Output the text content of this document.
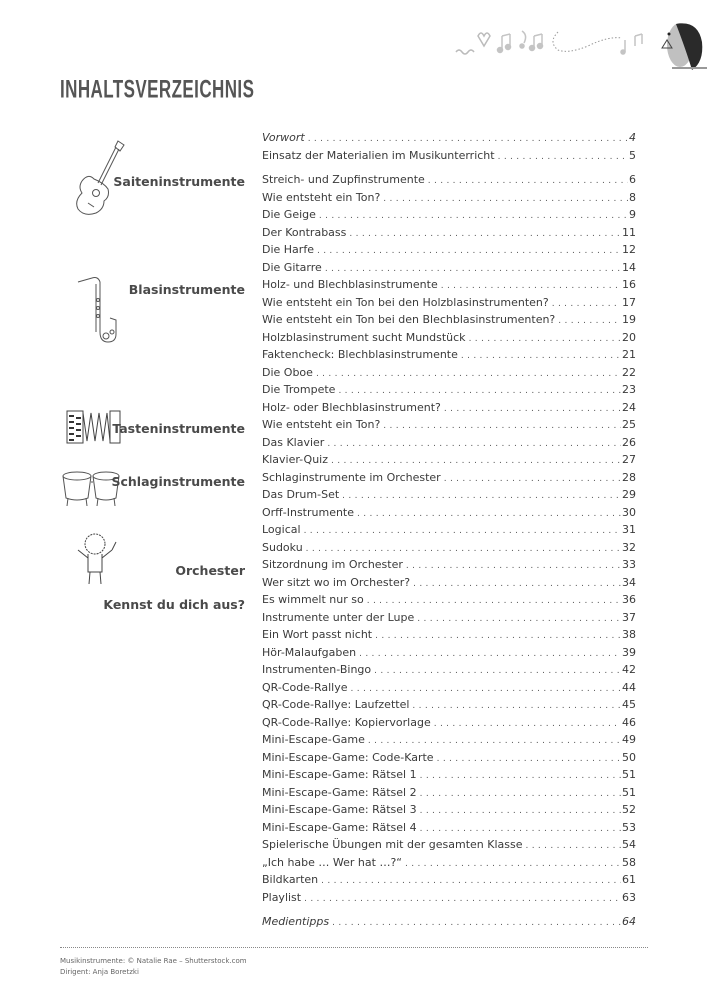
INHALTSVERZEICHNIS
Saiteninstrumente
Blasinstrumente
Tasteninstrumente
Schlaginstrumente
Orchester
Kennst du dich aus?
Vorwort . . .	4
Einsatz der Materialien im Musikunterricht . . .	5
Streich- und Zupfinstrumente . . .	6
Wie entsteht ein Ton? . . .	8
Die Geige . . .	9
Der Kontrabass . . .	11
Die Harfe . . .	12
Die Gitarre . . .	14
Holz- und Blechblasinstrumente . . .	16
Wie entsteht ein Ton bei den Holzblasinstrumenten? . . .	17
Wie entsteht ein Ton bei den Blechblasinstrumenten? . . .	19
Holzblasinstrument sucht Mundstück . . .	20
Faktencheck: Blechblasinstrumente . . .	21
Die Oboe . . .	22
Die Trompete . . .	23
Holz- oder Blechblasinstrument? . . .	24
Wie entsteht ein Ton? . . .	25
Das Klavier . . .	26
Klavier-Quiz . . .	27
Schlaginstrumente im Orchester . . .	28
Das Drum-Set . . .	29
Orff-Instrumente . . .	30
Logical . . .	31
Sudoku . . .	32
Sitzordnung im Orchester . . .	33
Wer sitzt wo im Orchester? . . .	34
Es wimmelt nur so . . .	36
Instrumente unter der Lupe . . .	37
Ein Wort passt nicht . . .	38
Hör-Malaufgaben . . .	39
Instrumenten-Bingo . . .	42
QR-Code-Rallye . . .	44
QR-Code-Rallye: Laufzettel . . .	45
QR-Code-Rallye: Kopiervorlage . . .	46
Mini-Escape-Game . . .	49
Mini-Escape-Game: Code-Karte . . .	50
Mini-Escape-Game: Rätsel 1 . . .	51
Mini-Escape-Game: Rätsel 2 . . .	51
Mini-Escape-Game: Rätsel 3 . . .	52
Mini-Escape-Game: Rätsel 4 . . .	53
Spielerische Übungen mit der gesamten Klasse . . .	54
„Ich habe … Wer hat …?“ . . .	58
Bildkarten . . .	61
Playlist . . .	63
Medientipps . . .	64
Musikinstrumente: © Natalie Rae – Shutterstock.com
Dirigent: Anja Boretzki
